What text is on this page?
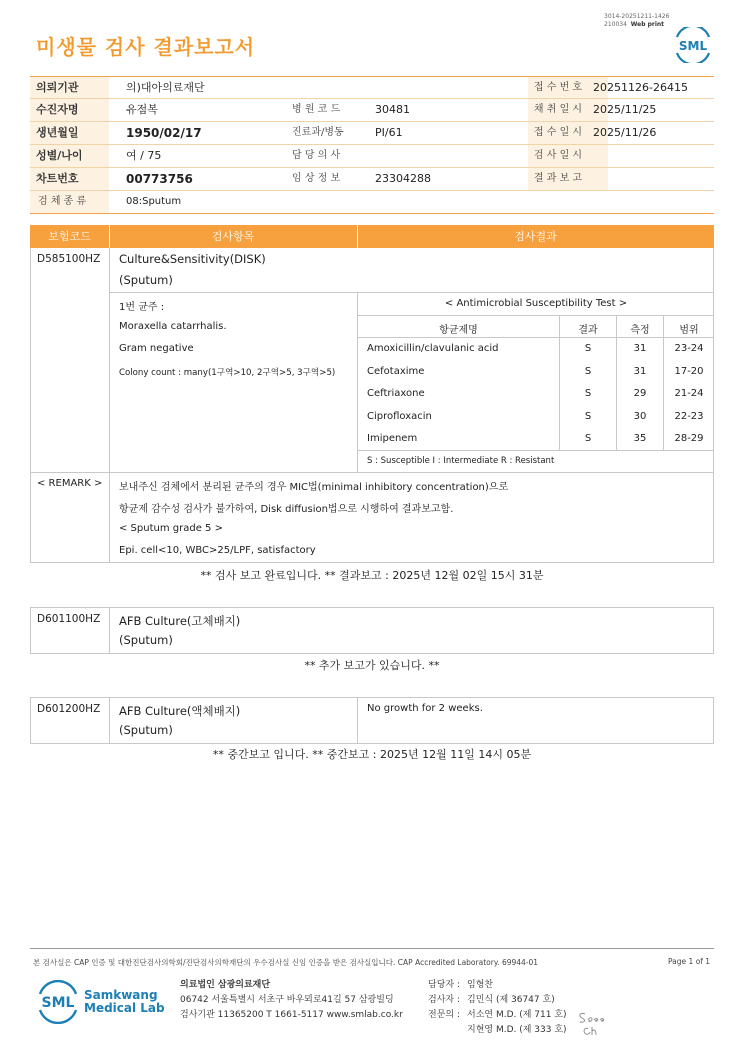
3014-20251211-1426
210034 Web print
미생물 검사 결과보고서	SML
의뢰기관	의)대아의료재단	접 수 번 호 20251126-26415
수진자명	유점복	병 원 코 드	30481	채 취 일 시 2025/11/25
생년월일	1950/02/17	진료과/병동	PI/61	접 수 일 시 2025/11/26
성별/나이	여 / 75	담 당 의 사	검 사 일 시
차트번호	00773756	임 상 정 보	23304288	결 과 보 고
검 체 종 류	08:Sputum
보험코드	검사항목	검사결과
D585100HZ Culture&Sensitivity(DISK)
(Sputum)
1번 균주 :
Moraxella catarrhalis.
Gram negative
Colony count : many(1구역>10, 2구역>5, 3구역>5)
< Antimicrobial Susceptibility Test >
항균제명	결과	측정	범위
Amoxicillin/clavulanic acid	S	31	23-24
Cefotaxime	S	31	17-20
Ceftriaxone	S	29	21-24
Ciprofloxacin	S	30	22-23
Imipenem	S	35	28-29
S : Susceptible I : Intermediate R : Resistant
< REMARK > 보내주신 검체에서 분리된 균주의 경우 MIC법(minimal inhibitory concentration)으로
항균제 감수성 검사가 불가하여, Disk diffusion법으로 시행하여 결과보고함.
< Sputum grade 5 >
Epi. cell<10, WBC>25/LPF, satisfactory
** 검사 보고 완료입니다. ** 결과보고 : 2025년 12월 02일 15시 31분
D601100HZ AFB Culture(고체배지)
(Sputum)
** 추가 보고가 있습니다. **
D601200HZ AFB Culture(액체배지)
(Sputum)
No growth for 2 weeks.
** 중간보고 입니다. ** 중간보고 : 2025년 12월 11일 14시 05분
본 검사실은 CAP 인증 및 대한진단검사의학회/진단검사의학재단의 우수검사실 신임 인증을 받은 검사실입니다. CAP Accredited Laboratory. 69944-01	Page 1 of 1
SML Samkwang
Medical Lab
의료법인 삼광의료재단
06742 서울특별시 서초구 바우뫼로41길 57 삼광빌딩
검사기관 11365200 T 1661-5117 www.smlab.co.kr
담당자 :
검사자 :
전문의 :
임형찬
김민식 (제 36747 호)
서소연 M.D. (제 711 호)
지현영 M.D. (제 333 호)
